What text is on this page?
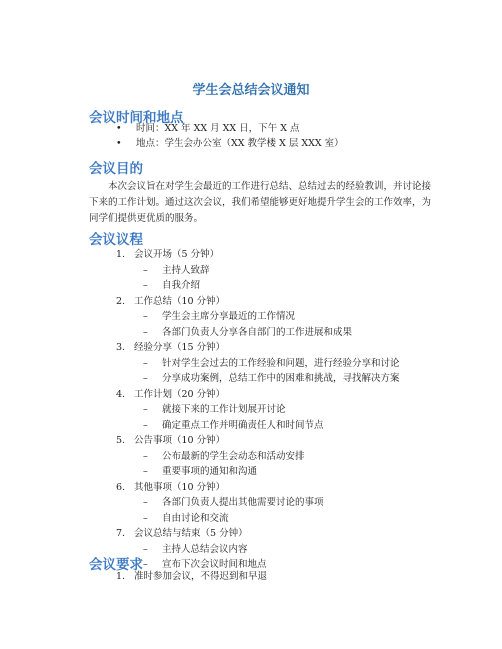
学生会总结会议通知
会议时间和地点
• 时间：XX 年 XX 月 XX 日，下午 X 点
• 地点：学生会办公室（XX 教学楼 X 层 XXX 室）
会议目的
本次会议旨在对学生会最近的工作进行总结、总结过去的经验教训，并讨论接
下来的工作计划。通过这次会议，我们希望能够更好地提升学生会的工作效率，为
同学们提供更优质的服务。
会议议程
1. 会议开场（5 分钟）
– 主持人致辞
– 自我介绍
2. 工作总结（10 分钟）
– 学生会主席分享最近的工作情况
– 各部门负责人分享各自部门的工作进展和成果
3. 经验分享（15 分钟）
– 针对学生会过去的工作经验和问题，进行经验分享和讨论
– 分享成功案例，总结工作中的困难和挑战，寻找解决方案
4. 工作计划（20 分钟）
– 就接下来的工作计划展开讨论
– 确定重点工作并明确责任人和时间节点
5. 公告事项（10 分钟）
– 公布最新的学生会动态和活动安排
– 重要事项的通知和沟通
6. 其他事项（10 分钟）
– 各部门负责人提出其他需要讨论的事项
– 自由讨论和交流
7. 会议总结与结束（5 分钟）
– 主持人总结会议内容
– 宣布下次会议时间和地点
会议要求
1. 准时参加会议，不得迟到和早退
